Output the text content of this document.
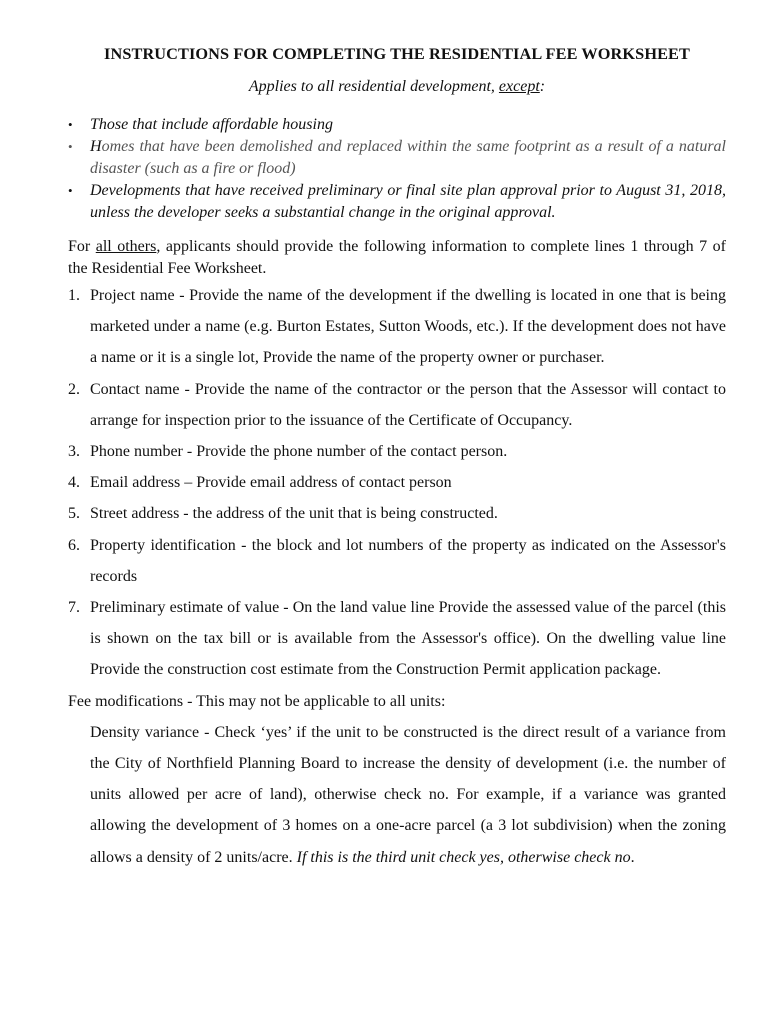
INSTRUCTIONS FOR COMPLETING THE RESIDENTIAL FEE WORKSHEET
Applies to all residential development, except:
•	Those that include affordable housing
•	Homes that have been demolished and replaced within the same footprint as a result of a natural disaster (such as a fire or flood)
•	Developments that have received preliminary or final site plan approval prior to August 31, 2018, unless the developer seeks a substantial change in the original approval.

For all others, applicants should provide the following information to complete lines 1 through 7 of the Residential Fee Worksheet.

1. Project name - Provide the name of the development if the dwelling is located in one that is being marketed under a name (e.g. Burton Estates, Sutton Woods, etc.). If the development does not have a name or it is a single lot, Provide the name of the property owner or purchaser.
2. Contact name - Provide the name of the contractor or the person that the Assessor will contact to arrange for inspection prior to the issuance of the Certificate of Occupancy.
3. Phone number - Provide the phone number of the contact person.
4. Email address – Provide email address of contact person
5. Street address - the address of the unit that is being constructed.
6. Property identification - the block and lot numbers of the property as indicated on the Assessor's records
7. Preliminary estimate of value - On the land value line Provide the assessed value of the parcel (this is shown on the tax bill or is available from the Assessor's office). On the dwelling value line Provide the construction cost estimate from the Construction Permit application package.

Fee modifications - This may not be applicable to all units:

Density variance - Check ‘yes’ if the unit to be constructed is the direct result of a variance from the City of Northfield Planning Board to increase the density of development (i.e. the number of units allowed per acre of land), otherwise check no. For example, if a variance was granted allowing the development of 3 homes on a one-acre parcel (a 3 lot subdivision) when the zoning allows a density of 2 units/acre. If this is the third unit check yes, otherwise check no.
